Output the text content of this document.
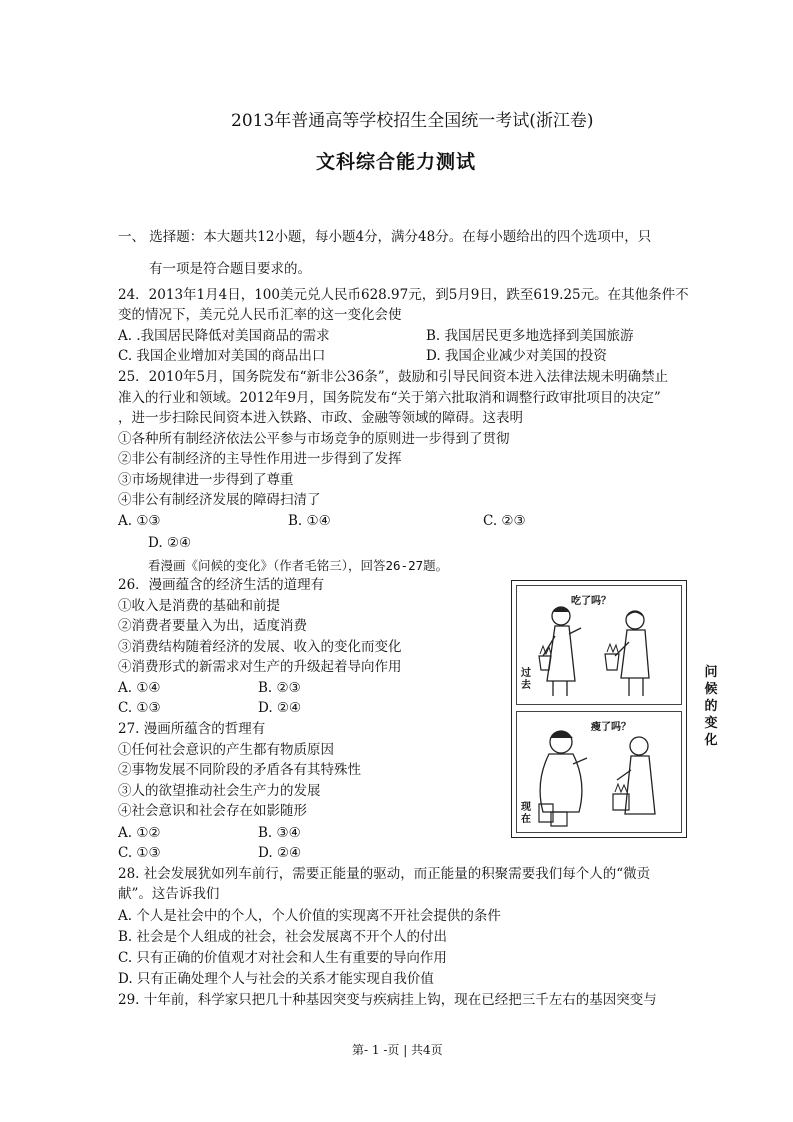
2013年普通高等学校招生全国统一考试(浙江卷)
文科综合能力测试
一、 选择题：本大题共12小题，每小题4分，满分48分。在每小题给出的四个选项中，只
有一项是符合题目要求的。
24．2013年1月4日，100美元兑人民币628.97元，到5月9日，跌至619.25元。在其他条件不
变的情况下，美元兑人民币汇率的这一变化会使
A. .我国居民降低对美国商品的需求	B. 我国居民更多地选择到美国旅游
C. 我国企业增加对美国的商品出口	D. 我国企业减少对美国的投资
25．2010年5月，国务院发布“新非公36条”，鼓励和引导民间资本进入法律法规未明确禁止
准入的行业和领域。2012年9月，国务院发布“关于第六批取消和调整行政审批项目的决定”
，进一步扫除民间资本进入铁路、市政、金融等领域的障碍。这表明
①各种所有制经济依法公平参与市场竞争的原则进一步得到了贯彻
②非公有制经济的主导性作用进一步得到了发挥
③市场规律进一步得到了尊重
④非公有制经济发展的障碍扫清了
A. ①③	B. ①④	C. ②③
D. ②④
看漫画《问候的变化》（作者毛铭三），回答26-27题。
26．漫画蕴含的经济生活的道理有
①收入是消费的基础和前提
②消费者要量入为出，适度消费
③消费结构随着经济的发展、收入的变化而变化
④消费形式的新需求对生产的升级起着导向作用
A. ①④	B. ②③
C. ①③	D. ②④
27. 漫画所蕴含的哲理有
①任何社会意识的产生都有物质原因
②事物发展不同阶段的矛盾各有其特殊性
③人的欲望推动社会生产力的发展
④社会意识和社会存在如影随形
A. ①②	B. ③④
C. ①③	D. ②④
28. 社会发展犹如列车前行，需要正能量的驱动，而正能量的积聚需要我们每个人的“微贡
献”。这告诉我们
A. 个人是社会中的个人，个人价值的实现离不开社会提供的条件
B. 社会是个人组成的社会，社会发展离不开个人的付出
C. 只有正确的价值观才对社会和人生有重要的导向作用
D. 只有正确处理个人与社会的关系才能实现自我价值
29. 十年前，科学家只把几十种基因突变与疾病挂上钩，现在已经把三千左右的基因突变与
吃了吗？
过去
瘦了吗？
现在
问候的变化
第- 1 -页 | 共4页
